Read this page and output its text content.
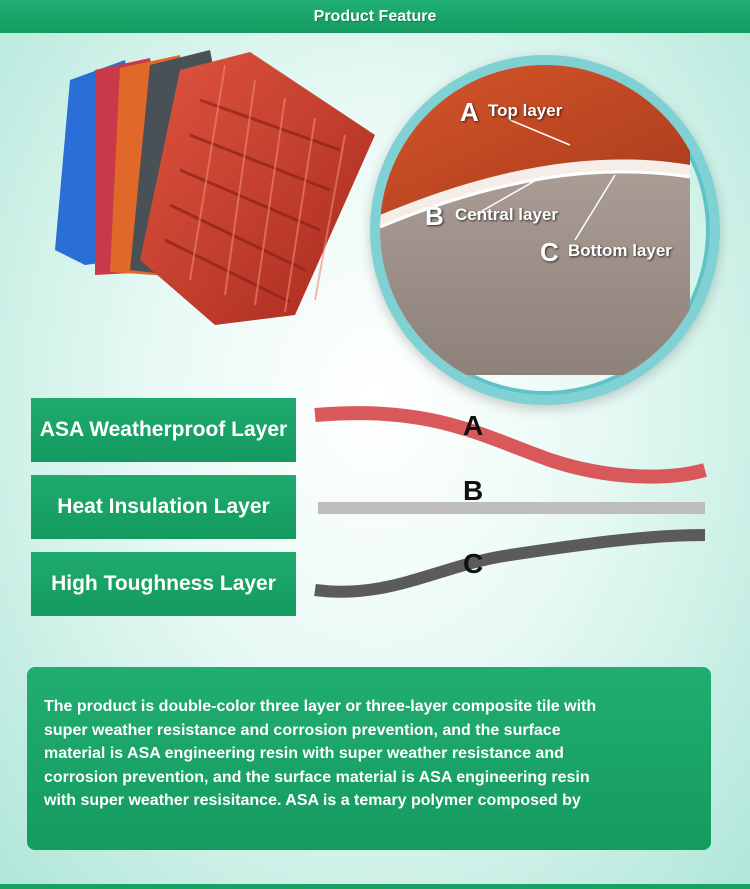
Product Feature
A Top layer
B Central layer
C Bottom layer
ASA Weatherproof Layer
Heat Insulation Layer
High Toughness Layer
A
B
C
The product is double-color three layer or three-layer composite tile with
super weather resistance and corrosion prevention, and the surface
material is ASA engineering resin with super weather resistance and
corrosion prevention, and the surface material is ASA engineering resin
with super weather resisitance. ASA is a temary polymer composed by
